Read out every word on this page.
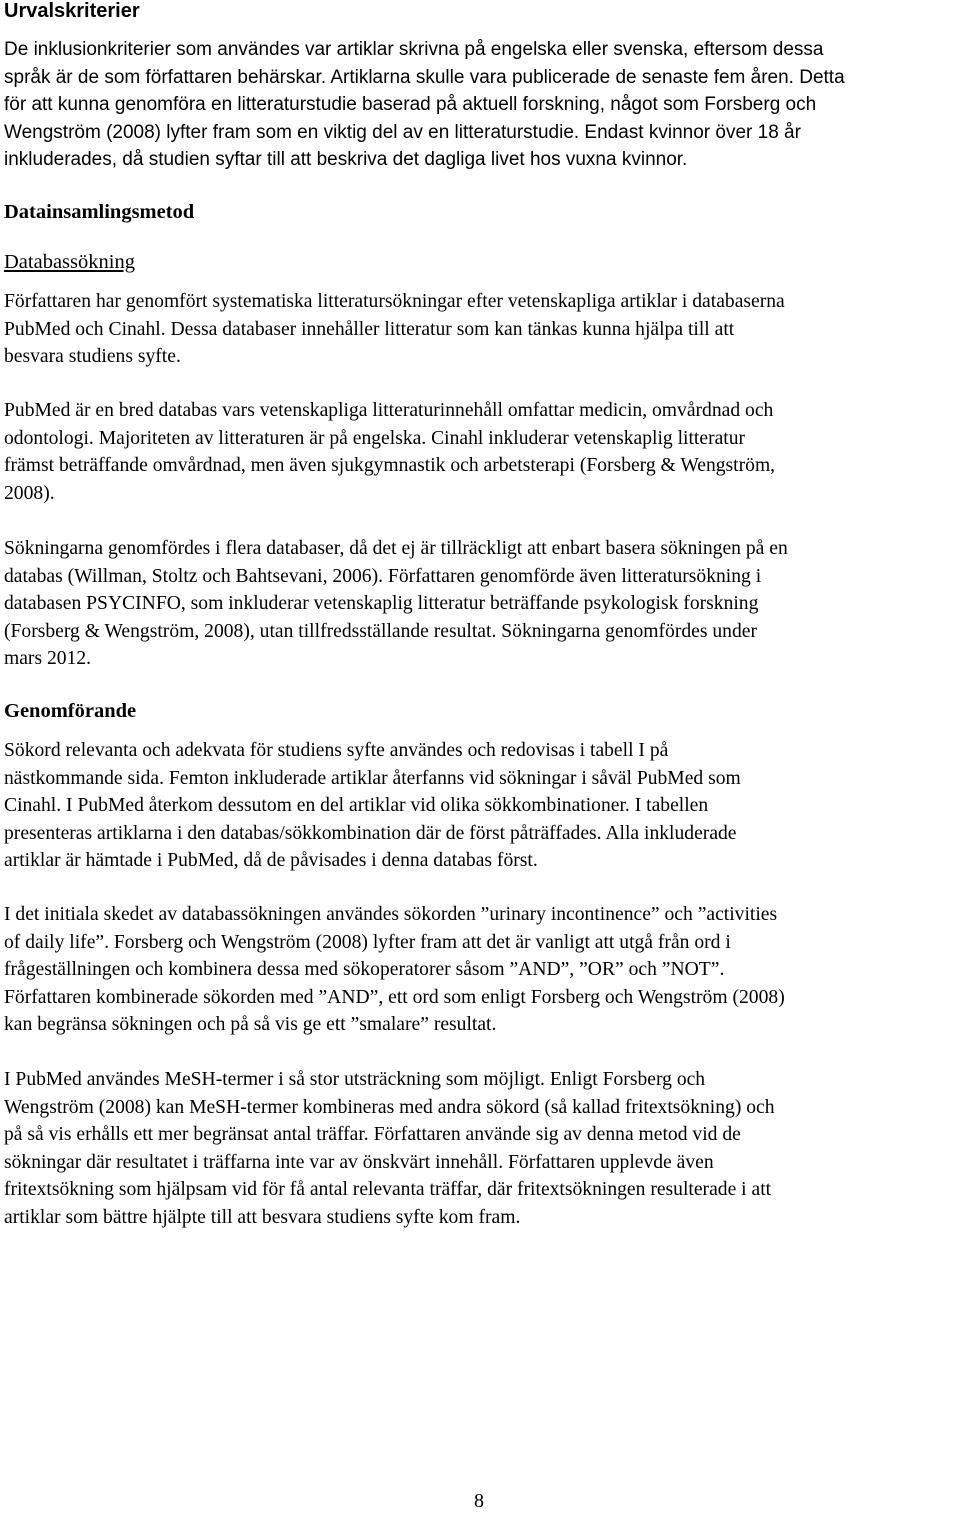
Urvalskriterier

De inklusionkriterier som användes var artiklar skrivna på engelska eller svenska, eftersom dessa
språk är de som författaren behärskar. Artiklarna skulle vara publicerade de senaste fem åren. Detta
för att kunna genomföra en litteraturstudie baserad på aktuell forskning, något som Forsberg och
Wengström (2008) lyfter fram som en viktig del av en litteraturstudie. Endast kvinnor över 18 år
inkluderades, då studien syftar till att beskriva det dagliga livet hos vuxna kvinnor.

Datainsamlingsmetod
Databassökning

Författaren har genomfört systematiska litteratursökningar efter vetenskapliga artiklar i databaserna
PubMed och Cinahl. Dessa databaser innehåller litteratur som kan tänkas kunna hjälpa till att
besvara studiens syfte.

PubMed är en bred databas vars vetenskapliga litteraturinnehåll omfattar medicin, omvårdnad och
odontologi. Majoriteten av litteraturen är på engelska. Cinahl inkluderar vetenskaplig litteratur
främst beträffande omvårdnad, men även sjukgymnastik och arbetsterapi (Forsberg & Wengström,
2008).

Sökningarna genomfördes i flera databaser, då det ej är tillräckligt att enbart basera sökningen på en
databas (Willman, Stoltz och Bahtsevani, 2006). Författaren genomförde även litteratursökning i
databasen PSYCINFO, som inkluderar vetenskaplig litteratur beträffande psykologisk forskning
(Forsberg & Wengström, 2008), utan tillfredsställande resultat. Sökningarna genomfördes under
mars 2012.

Genomförande

Sökord relevanta och adekvata för studiens syfte användes och redovisas i tabell I på
nästkommande sida. Femton inkluderade artiklar återfanns vid sökningar i såväl PubMed som
Cinahl. I PubMed återkom dessutom en del artiklar vid olika sökkombinationer. I tabellen
presenteras artiklarna i den databas/sökkombination där de först påträffades. Alla inkluderade
artiklar är hämtade i PubMed, då de påvisades i denna databas först.

I det initiala skedet av databassökningen användes sökorden ”urinary incontinence” och ”activities
of daily life”. Forsberg och Wengström (2008) lyfter fram att det är vanligt att utgå från ord i
frågeställningen och kombinera dessa med sökoperatorer såsom ”AND”, ”OR” och ”NOT”.
Författaren kombinerade sökorden med ”AND”, ett ord som enligt Forsberg och Wengström (2008)
kan begränsa sökningen och på så vis ge ett ”smalare” resultat.

I PubMed användes MeSH-termer i så stor utsträckning som möjligt. Enligt Forsberg och
Wengström (2008) kan MeSH-termer kombineras med andra sökord (så kallad fritextsökning) och
på så vis erhålls ett mer begränsat antal träffar. Författaren använde sig av denna metod vid de
sökningar där resultatet i träffarna inte var av önskvärt innehåll. Författaren upplevde även
fritextsökning som hjälpsam vid för få antal relevanta träffar, där fritextsökningen resulterade i att
artiklar som bättre hjälpte till att besvara studiens syfte kom fram.

8
